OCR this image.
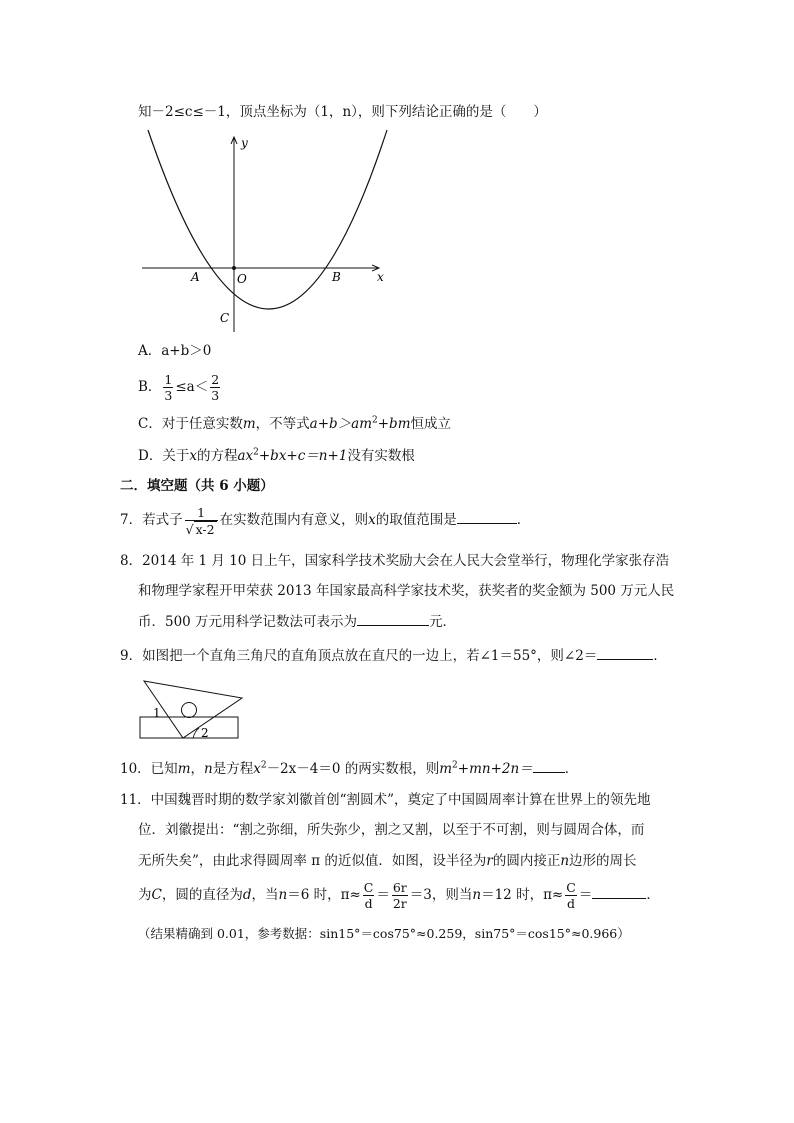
知－2≤c≤－1，顶点坐标为（1，n），则下列结论正确的是（　　）
y
x
A	O	B
C
A．a+b＞0
B． $\frac{1}{3} \le a< \frac{2}{3}$
C．对于任意实数m，不等式$a+b>am^2+bm$恒成立
D．关于x的方程$ax^2+bx+c=n+1$没有实数根
二．填空题（共 6 小题）
7．若式子 $\frac{1}{√ x-2}$ 在实数范围内有意义，则x的取值范围是	．
8．2014 年 1 月 10 日上午，国家科学技术奖励大会在人民大会堂举行，物理化学家张存浩
和物理学家程开甲荣获 2013 年国家最高科学家技术奖，获奖者的奖金额为 500 万元人民
币．500 万元用科学记数法可表示为	元．
9．如图把一个直角三角尺的直角顶点放在直尺的一边上，若∠1＝55°，则∠2＝	．
1
2
10．已知m，n是方程$x^2-2x-4=0$ 的两实数根，则$m^2+mn+2n=$ ．
11．中国魏晋时期的数学家刘徽首创“割圆术”，奠定了中国圆周率计算在世界上的领先地
位．刘徽提出：“割之弥细，所失弥少，割之又割，以至于不可割，则与圆周合体，而
无所失矣”，由此求得圆周率 π 的近似值．如图，设半径为r的圆内接正n边形的周长
为C，圆的直径为d，当n＝6 时，$\pi\approx \frac{C}{d} = \frac{6r}{2r} =3$，则当n＝12 时，$\pi\approx \frac{C}{d}$ ＝	．
（结果精确到 0.01，参考数据：sin15°＝cos75°≈0.259，sin75°＝cos15°≈0.966）
